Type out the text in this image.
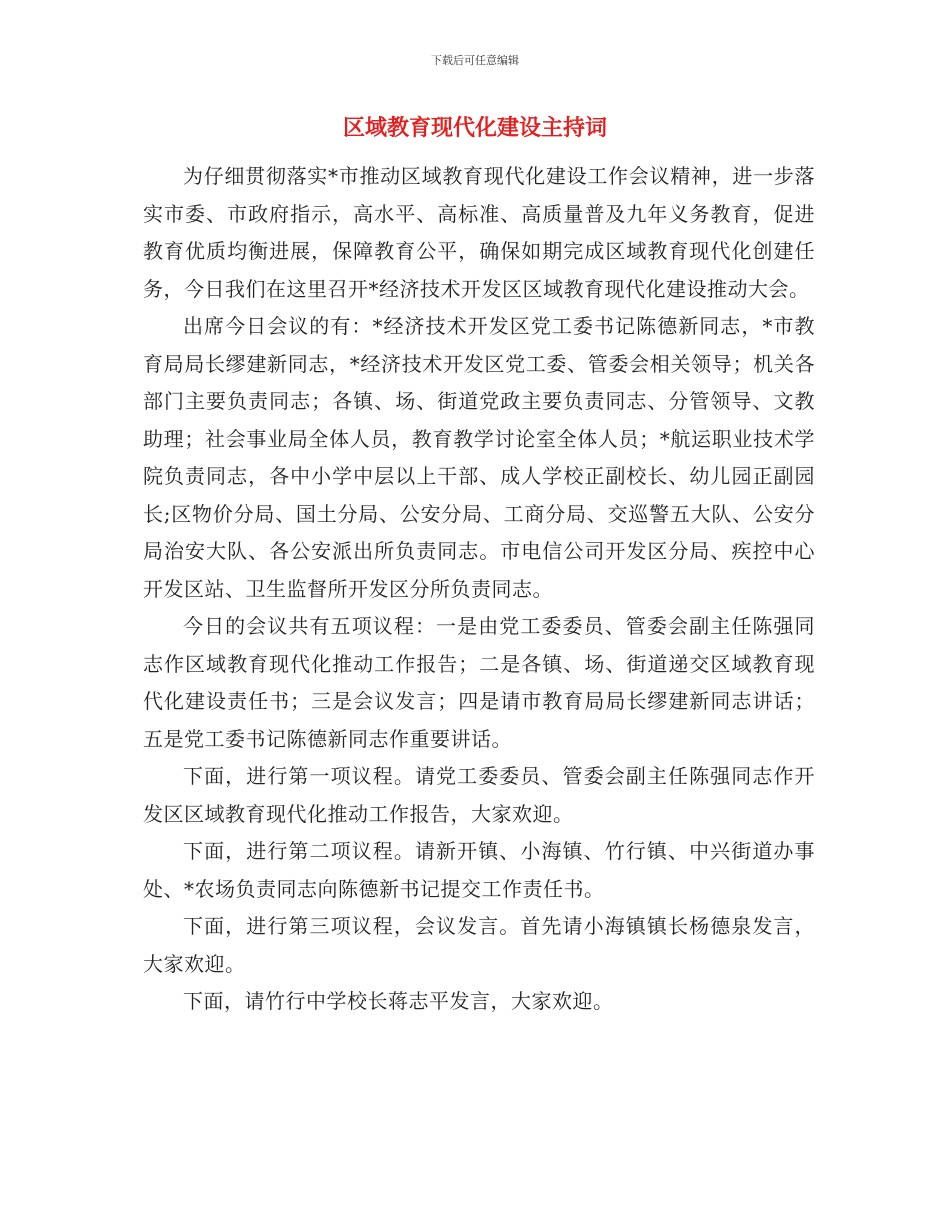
下载后可任意编辑
区域教育现代化建设主持词

为仔细贯彻落实*市推动区域教育现代化建设工作会议精神，进一步落实市委、市政府指示，高水平、高标准、高质量普及九年义务教育，促进教育优质均衡进展，保障教育公平，确保如期完成区域教育现代化创建任务，今日我们在这里召开*经济技术开发区区域教育现代化建设推动大会。

出席今日会议的有：*经济技术开发区党工委书记陈德新同志，*市教育局局长缪建新同志，*经济技术开发区党工委、管委会相关领导；机关各部门主要负责同志；各镇、场、街道党政主要负责同志、分管领导、文教助理；社会事业局全体人员，教育教学讨论室全体人员；*航运职业技术学院负责同志，各中小学中层以上干部、成人学校正副校长、幼儿园正副园长;区物价分局、国土分局、公安分局、工商分局、交巡警五大队、公安分局治安大队、各公安派出所负责同志。市电信公司开发区分局、疾控中心开发区站、卫生监督所开发区分所负责同志。

今日的会议共有五项议程：一是由党工委委员、管委会副主任陈强同志作区域教育现代化推动工作报告；二是各镇、场、街道递交区域教育现代化建设责任书；三是会议发言；四是请市教育局局长缪建新同志讲话；五是党工委书记陈德新同志作重要讲话。

下面，进行第一项议程。请党工委委员、管委会副主任陈强同志作开发区区域教育现代化推动工作报告，大家欢迎。

下面，进行第二项议程。请新开镇、小海镇、竹行镇、中兴街道办事处、*农场负责同志向陈德新书记提交工作责任书。

下面，进行第三项议程，会议发言。首先请小海镇镇长杨德泉发言，大家欢迎。

下面，请竹行中学校长蒋志平发言，大家欢迎。
